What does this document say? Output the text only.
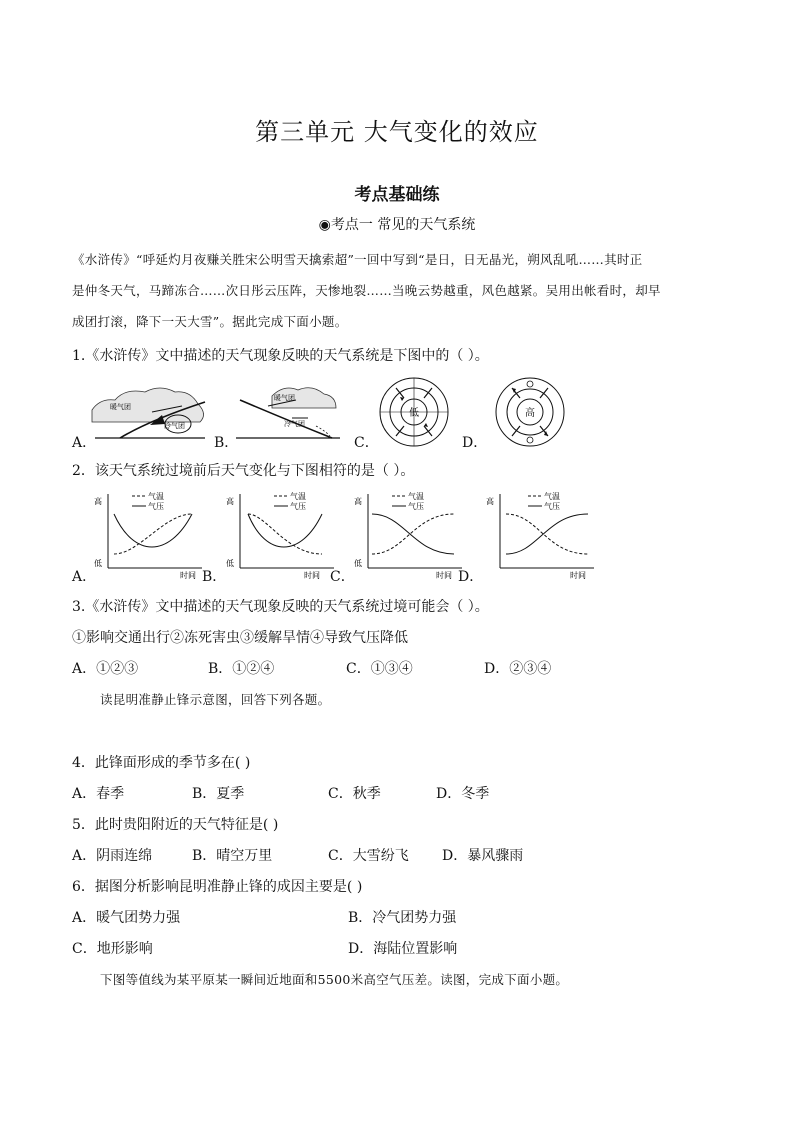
第三单元 大气变化的效应
考点基础练
◉考点一 常见的天气系统
《水浒传》“呼延灼月夜赚关胜宋公明雪天擒索超”一回中写到“是日，日无晶光，朔风乱吼……其时正
是仲冬天气，马蹄冻合……次日彤云压阵，天惨地裂……当晚云势越重，风色越紧。吴用出帐看时，却早
成团打滚，降下一天大雪”。据此完成下面小题。
1.《水浒传》文中描述的天气现象反映的天气系统是下图中的（ ）。
A．
暖气团
冷气团
B．
暖气团
冷气团
C．
低
D．
高
2．该天气系统过境前后天气变化与下图相符的是（ ）。
A．
高
低
时间
气温
气压
B．
高
低
时间
气温
气压
C．
高
低
时间
气温
气压
D．
高
时间
气温
气压
3.《水浒传》文中描述的天气现象反映的天气系统过境可能会（ ）。
①影响交通出行②冻死害虫③缓解旱情④导致气压降低
A．①②③	B．①②④	C．①③④	D．②③④
读昆明准静止锋示意图，回答下列各题。
4．此锋面形成的季节多在( )
A．春季	B．夏季	C．秋季	D．冬季
5．此时贵阳附近的天气特征是( )
A．阴雨连绵	B．晴空万里	C．大雪纷飞 D．暴风骤雨
6．据图分析影响昆明准静止锋的成因主要是( )
A．暖气团势力强	B．冷气团势力强
C．地形影响	D．海陆位置影响
下图等值线为某平原某一瞬间近地面和5500米高空气压差。读图，完成下面小题。
